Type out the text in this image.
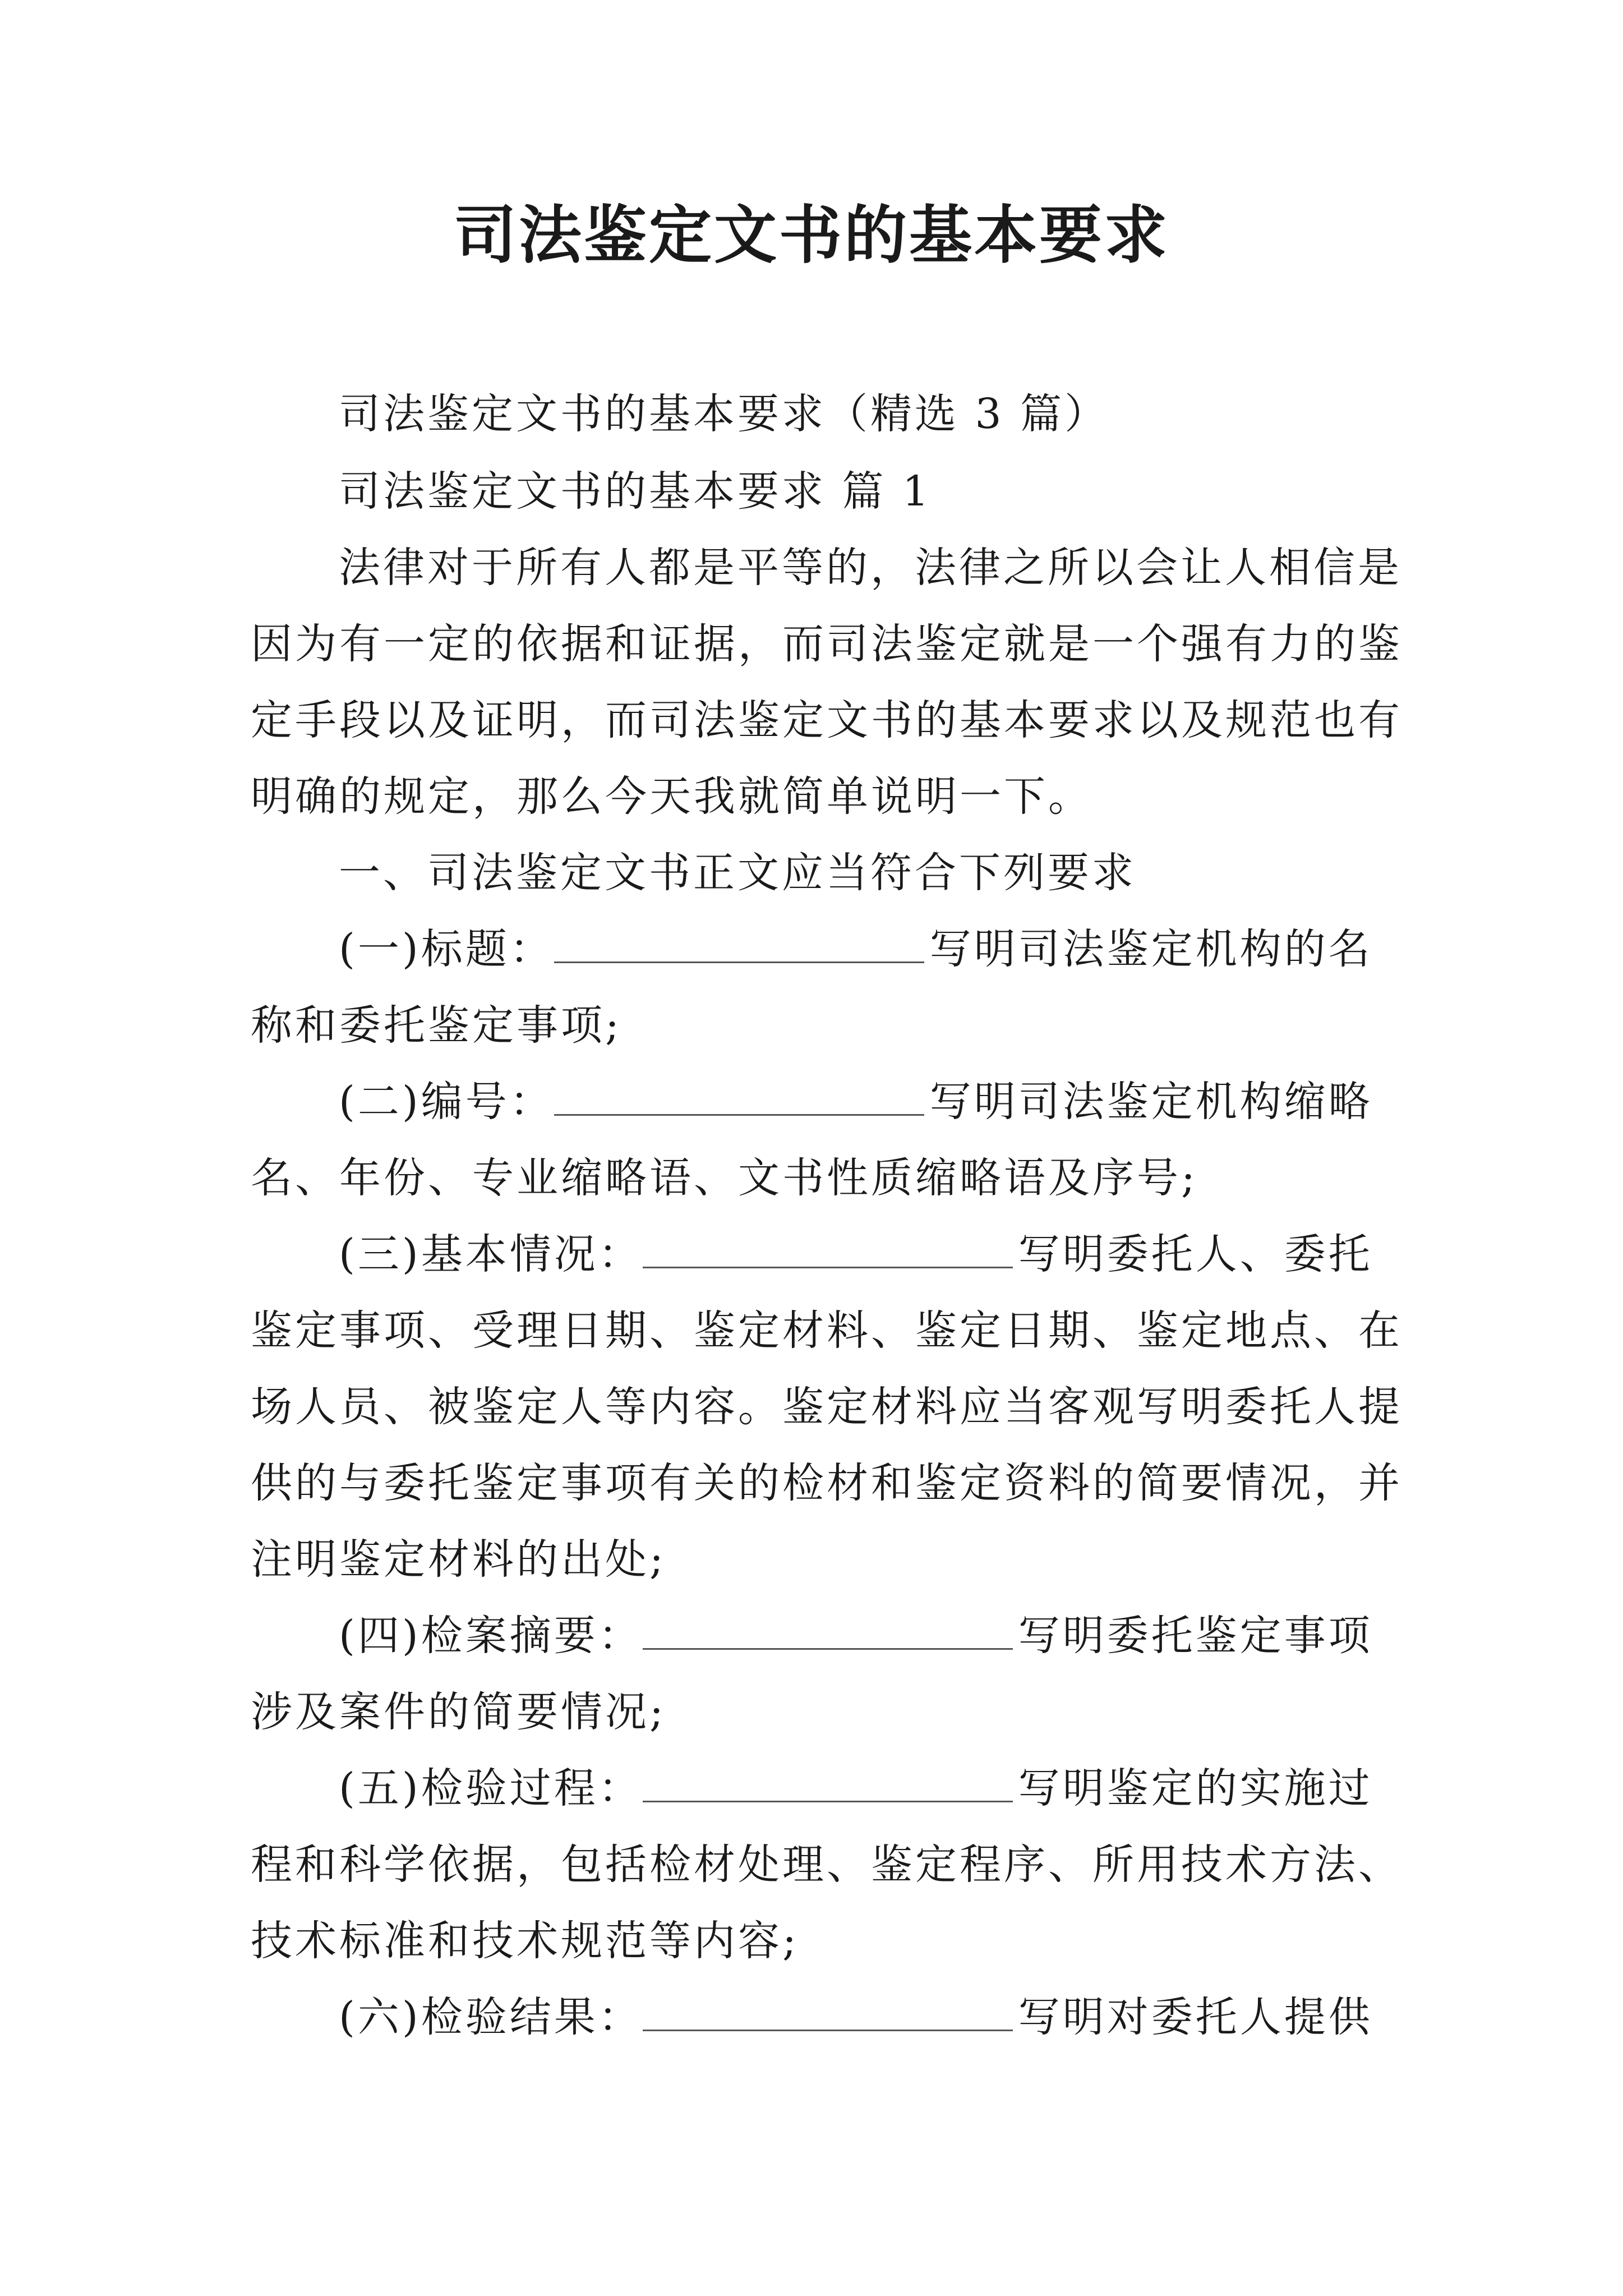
司法鉴定文书的基本要求
司法鉴定文书的基本要求（精选 3 篇）
司法鉴定文书的基本要求 篇 1
法律对于所有人都是平等的，法律之所以会让人相信是
因为有一定的依据和证据，而司法鉴定就是一个强有力的鉴
定手段以及证明，而司法鉴定文书的基本要求以及规范也有
明确的规定，那么今天我就简单说明一下。
一、司法鉴定文书正文应当符合下列要求
(一)标题：	写明司法鉴定机构的名
称和委托鉴定事项;
(二)编号：	写明司法鉴定机构缩略
名、年份、专业缩略语、文书性质缩略语及序号;
(三)基本情况：	写明委托人、委托
鉴定事项、受理日期、鉴定材料、鉴定日期、鉴定地点、在
场人员、被鉴定人等内容。鉴定材料应当客观写明委托人提
供的与委托鉴定事项有关的检材和鉴定资料的简要情况，并
注明鉴定材料的出处;
(四)检案摘要：	写明委托鉴定事项
涉及案件的简要情况;
(五)检验过程：	写明鉴定的实施过
程和科学依据，包括检材处理、鉴定程序、所用技术方法、
技术标准和技术规范等内容;
(六)检验结果：	写明对委托人提供
